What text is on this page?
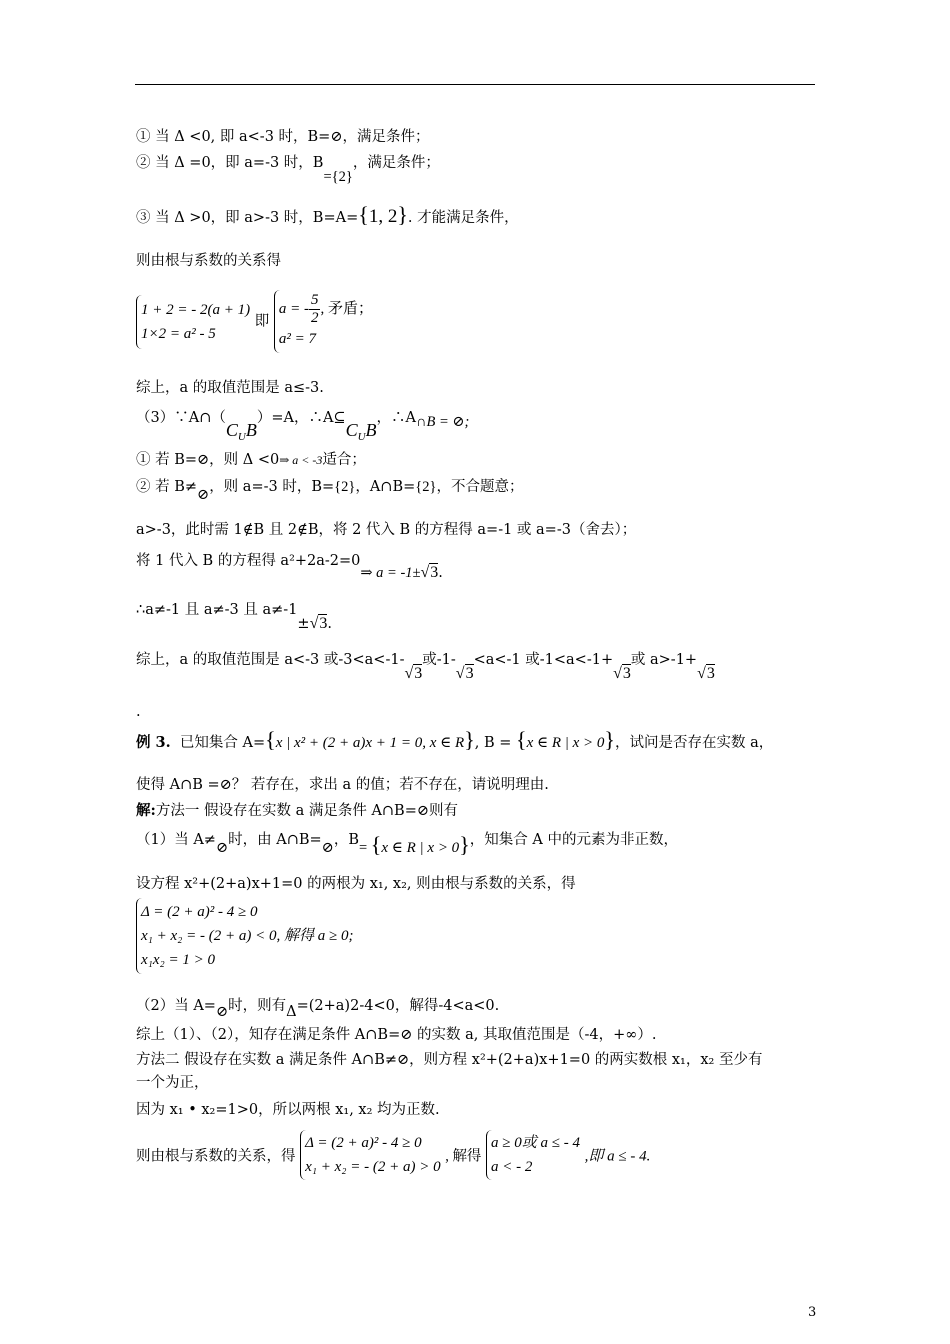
① 当 Δ <0, 即 a<-3 时，B=⊘，满足条件；
② 当 Δ =0，即 a=-3 时，B={2}，满足条件；
③ 当 Δ >0，即 a>-3 时，B=A={1, 2}. 才能满足条件，
则由根与系数的关系得
1 + 2 = - 2(a + 1)
1×2 = a² - 5
即
a = - $\frac{5}{2}$ , 矛盾；
a² = 7
综上，a 的取值范围是 a≤-3.
$(3)\because A\cap(C_UB)=A$，$\therefore A⊆C_UB$，∴A∩B = ⊘;
① 若 B=⊘，则 Δ <0⇒ a < -3适合；
② 若 B≠⊘，则 a=-3 时，B={2}，A∩B={2}，不合题意；
a>-3，此时需 1∉B 且 2∉B，将 2 代入 B 的方程得 a=-1 或 a=-3（舍去）；
将 1 代入 B 的方程得 a²+2a-2=0⇒ a = -1±√3.
∴a≠-1 且 a≠-3 且 a≠-1±√3.
综上，a 的取值范围是 a<-3 或-3<a<-1-√3或-1-√3<a<-1 或-1<a<-1+√3或 a>-1+√3
.
例 3. 已知集合 A={x | x² + (2 + a)x + 1 = 0, x ∈ R}, B = {x ∈ R | x > 0}，试问是否存在实数 a，
使得 A∩B =⊘？ 若存在，求出 a 的值；若不存在，请说明理由.
解:方法一 假设存在实数 a 满足条件 A∩B=⊘则有
（1）当 A≠⊘时，由 A∩B=⊘，B= {x ∈ R | x > 0}，知集合 A 中的元素为非正数，
设方程 x²+(2+a)x+1=0 的两根为 x₁, x₂, 则由根与系数的关系，得
Δ = (2 + a)² - 4 ≥ 0
x₁ + x₂ = - (2 + a) < 0, 解得 a ≥ 0;
x₁x₂ = 1 > 0
（2）当 A=⊘时，则有Δ=(2+a)2-4<0，解得-4<a<0.
综上（1）、（2），知存在满足条件 A∩B=⊘ 的实数 a, 其取值范围是（-4，+∞）.
方法二 假设存在实数 a 满足条件 A∩B≠⊘，则方程 x²+(2+a)x+1=0 的两实数根 x₁，x₂ 至少有
一个为正，
因为 x₁ • x₂=1>0，所以两根 x₁, x₂ 均为正数.
则由根与系数的关系，得
Δ = (2 + a)² - 4 ≥ 0
x₁ + x₂ = - (2 + a) > 0
, 解得
a ≥ 0或 a ≤ - 4
a < - 2
,即 a ≤ - 4.
3
